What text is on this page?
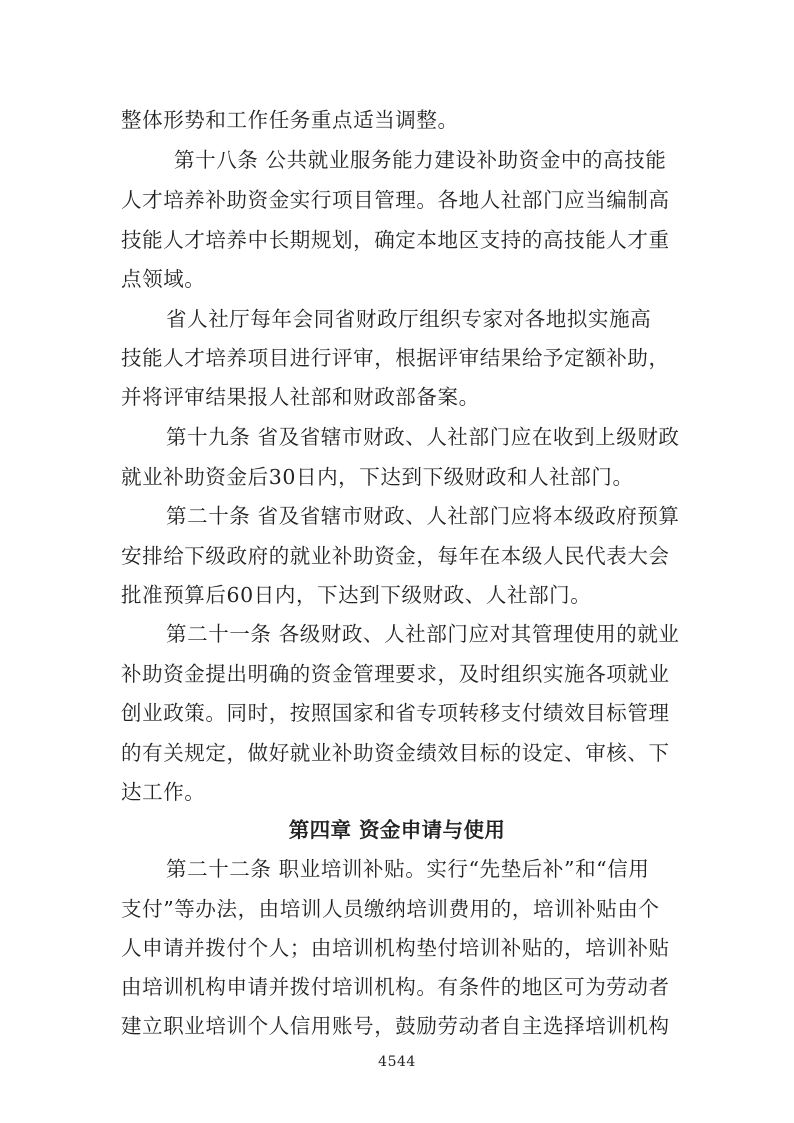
整体形势和工作任务重点适当调整。
第十八条 公共就业服务能力建设补助资金中的高技能
人才培养补助资金实行项目管理。各地人社部门应当编制高
技能人才培养中长期规划，确定本地区支持的高技能人才重
点领域。
省人社厅每年会同省财政厅组织专家对各地拟实施高
技能人才培养项目进行评审，根据评审结果给予定额补助，
并将评审结果报人社部和财政部备案。
第十九条 省及省辖市财政、人社部门应在收到上级财政
就业补助资金后30日内，下达到下级财政和人社部门。
第二十条 省及省辖市财政、人社部门应将本级政府预算
安排给下级政府的就业补助资金，每年在本级人民代表大会
批准预算后60日内，下达到下级财政、人社部门。
第二十一条 各级财政、人社部门应对其管理使用的就业
补助资金提出明确的资金管理要求，及时组织实施各项就业
创业政策。同时，按照国家和省专项转移支付绩效目标管理
的有关规定，做好就业补助资金绩效目标的设定、审核、下
达工作。
第四章 资金申请与使用
第二十二条 职业培训补贴。实行“先垫后补”和“信用
支付”等办法，由培训人员缴纳培训费用的，培训补贴由个
人申请并拨付个人；由培训机构垫付培训补贴的，培训补贴
由培训机构申请并拨付培训机构。有条件的地区可为劳动者
建立职业培训个人信用账号，鼓励劳动者自主选择培训机构
4544
